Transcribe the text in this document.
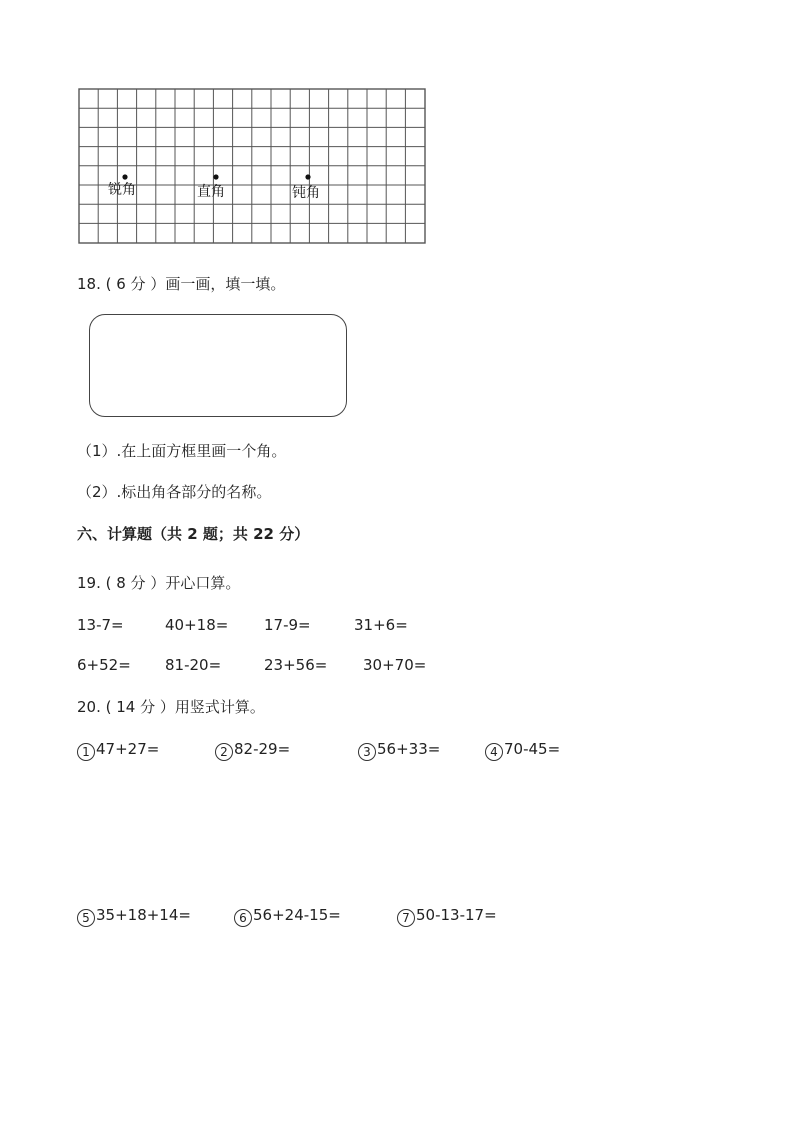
锐角	直角	钝角
18. ( 6 分 ）画一画，填一填。
（1）.在上面方框里画一个角。
（2）.标出角各部分的名称。
六、计算题（共 2 题；共 22 分）
19. ( 8 分 ）开心口算。
13-7=	40+18= 17-9=	31+6=
6+52= 81-20=	23+56= 30+70=
20. ( 14 分 ）用竖式计算。
1 47+27=	2 82-29=	3 56+33=	4 70-45=
5 35+18+14=	6 56+24-15=	7 50-13-17=
